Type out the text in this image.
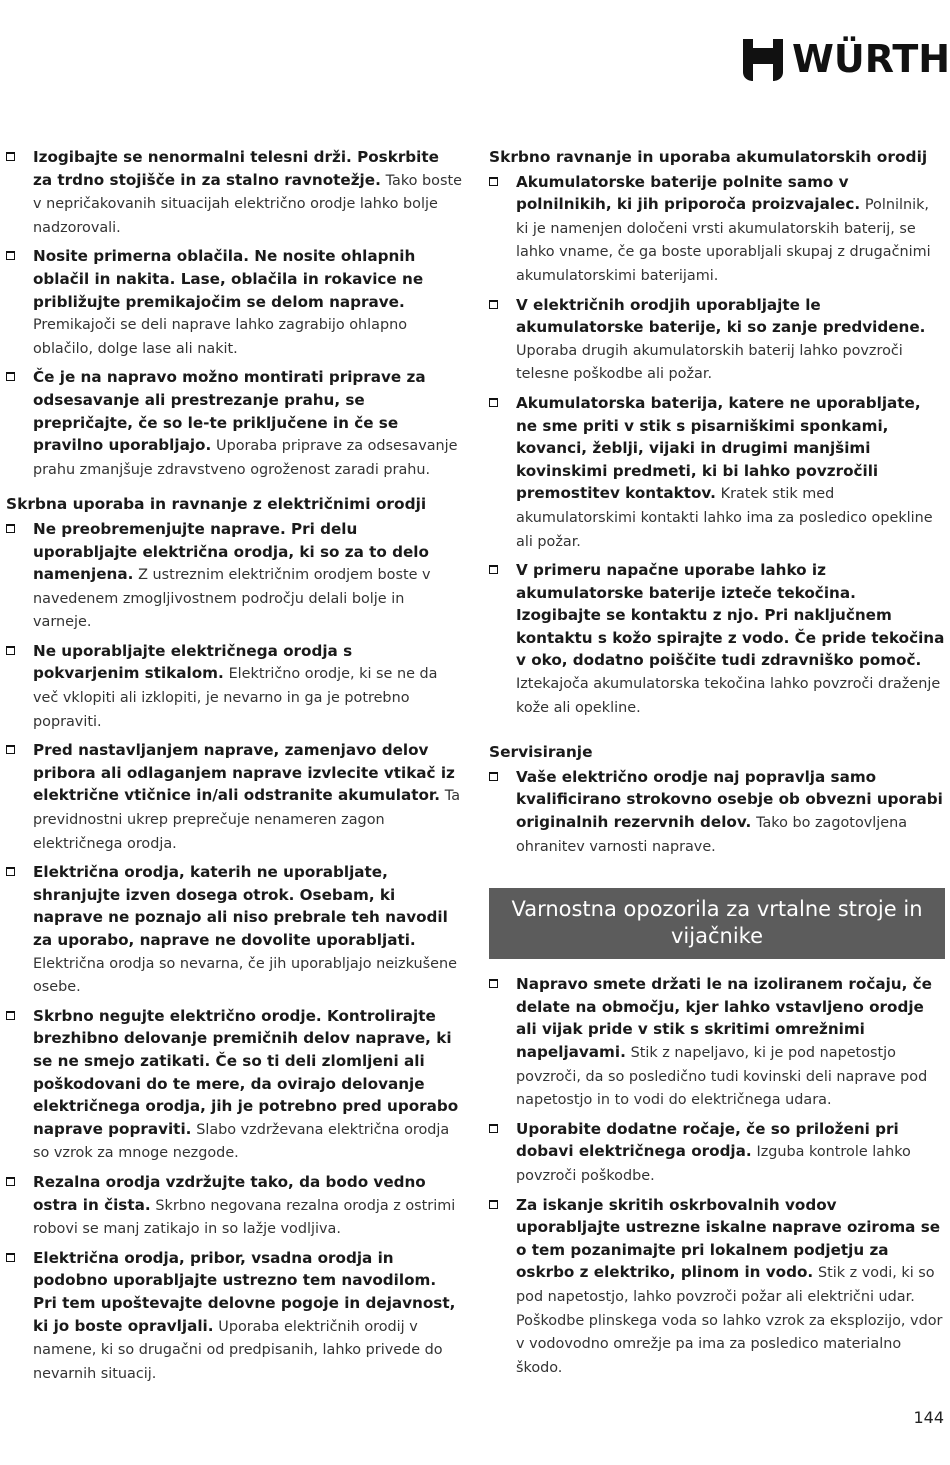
WÜRTH

Izogibajte se nenormalni telesni drži. Poskrbite za trdno stojišče in za stalno ravnotežje. Tako boste v nepričakovanih situacijah električno orodje lahko bolje nadzorovali.

Nosite primerna oblačila. Ne nosite ohlapnih oblačil in nakita. Lase, oblačila in rokavice ne približujte premikajočim se delom naprave. Premikajoči se deli naprave lahko zagrabijo ohlapno oblačilo, dolge lase ali nakit.

Če je na napravo možno montirati priprave za odsesavanje ali prestrezanje prahu, se prepričajte, če so le-te priključene in če se pravilno uporabljajo. Uporaba priprave za odsesavanje prahu zmanjšuje zdravstveno ogroženost zaradi prahu.

Skrbna uporaba in ravnanje z električnimi orodji

Ne preobremenjujte naprave. Pri delu uporabljajte električna orodja, ki so za to delo namenjena. Z ustreznim električnim orodjem boste v navedenem zmogljivostnem področju delali bolje in varneje.

Ne uporabljajte električnega orodja s pokvarjenim stikalom. Električno orodje, ki se ne da več vklopiti ali izklopiti, je nevarno in ga je potrebno popraviti.

Pred nastavljanjem naprave, zamenjavo delov pribora ali odlaganjem naprave izvlecite vtikač iz električne vtičnice in/ali odstranite akumulator. Ta previdnostni ukrep preprečuje nenameren zagon električnega orodja.

Električna orodja, katerih ne uporabljate, shranjujte izven dosega otrok. Osebam, ki naprave ne poznajo ali niso prebrale teh navodil za uporabo, naprave ne dovolite uporabljati. Električna orodja so nevarna, če jih uporabljajo neizkušene osebe.

Skrbno negujte električno orodje. Kontrolirajte brezhibno delovanje premičnih delov naprave, ki se ne smejo zatikati. Če so ti deli zlomljeni ali poškodovani do te mere, da ovirajo delovanje električnega orodja, jih je potrebno pred uporabo naprave popraviti. Slabo vzdrževana električna orodja so vzrok za mnoge nezgode.

Rezalna orodja vzdržujte tako, da bodo vedno ostra in čista. Skrbno negovana rezalna orodja z ostrimi robovi se manj zatikajo in so lažje vodljiva.

Električna orodja, pribor, vsadna orodja in podobno uporabljajte ustrezno tem navodilom. Pri tem upoštevajte delovne pogoje in dejavnost, ki jo boste opravljali. Uporaba električnih orodij v namene, ki so drugačni od predpisanih, lahko privede do nevarnih situacij.

Skrbno ravnanje in uporaba akumulatorskih orodij

Akumulatorske baterije polnite samo v polnilnikih, ki jih priporoča proizvajalec. Polnilnik, ki je namenjen določeni vrsti akumulatorskih baterij, se lahko vname, če ga boste uporabljali skupaj z drugačnimi akumulatorskimi baterijami.

V električnih orodjih uporabljajte le akumulatorske baterije, ki so zanje predvidene. Uporaba drugih akumulatorskih baterij lahko povzroči telesne poškodbe ali požar.

Akumulatorska baterija, katere ne uporabljate, ne sme priti v stik s pisarniškimi sponkami, kovanci, žeblji, vijaki in drugimi manjšimi kovinskimi predmeti, ki bi lahko povzročili premostitev kontaktov. Kratek stik med akumulatorskimi kontakti lahko ima za posledico opekline ali požar.

V primeru napačne uporabe lahko iz akumulatorske baterije izteče tekočina. Izogibajte se kontaktu z njo. Pri naključnem kontaktu s kožo spirajte z vodo. Če pride tekočina v oko, dodatno poiščite tudi zdravniško pomoč. Iztekajoča akumulatorska tekočina lahko povzroči draženje kože ali opekline.

Servisiranje

Vaše električno orodje naj popravlja samo kvalificirano strokovno osebje ob obvezni uporabi originalnih rezervnih delov. Tako bo zagotovljena ohranitev varnosti naprave.

Varnostna opozorila za vrtalne stroje in vijačnike

Napravo smete držati le na izoliranem ročaju, če delate na območju, kjer lahko vstavljeno orodje ali vijak pride v stik s skritimi omrežnimi napeljavami. Stik z napeljavo, ki je pod napetostjo povzroči, da so posledično tudi kovinski deli naprave pod napetostjo in to vodi do električnega udara.

Uporabite dodatne ročaje, če so priloženi pri dobavi električnega orodja. Izguba kontrole lahko povzroči poškodbe.

Za iskanje skritih oskrbovalnih vodov uporabljajte ustrezne iskalne naprave oziroma se o tem pozanimajte pri lokalnem podjetju za oskrbo z elektriko, plinom in vodo. Stik z vodi, ki so pod napetostjo, lahko povzroči požar ali električni udar. Poškodbe plinskega voda so lahko vzrok za eksplozijo, vdor v vodovodno omrežje pa ima za posledico materialno škodo.

144
